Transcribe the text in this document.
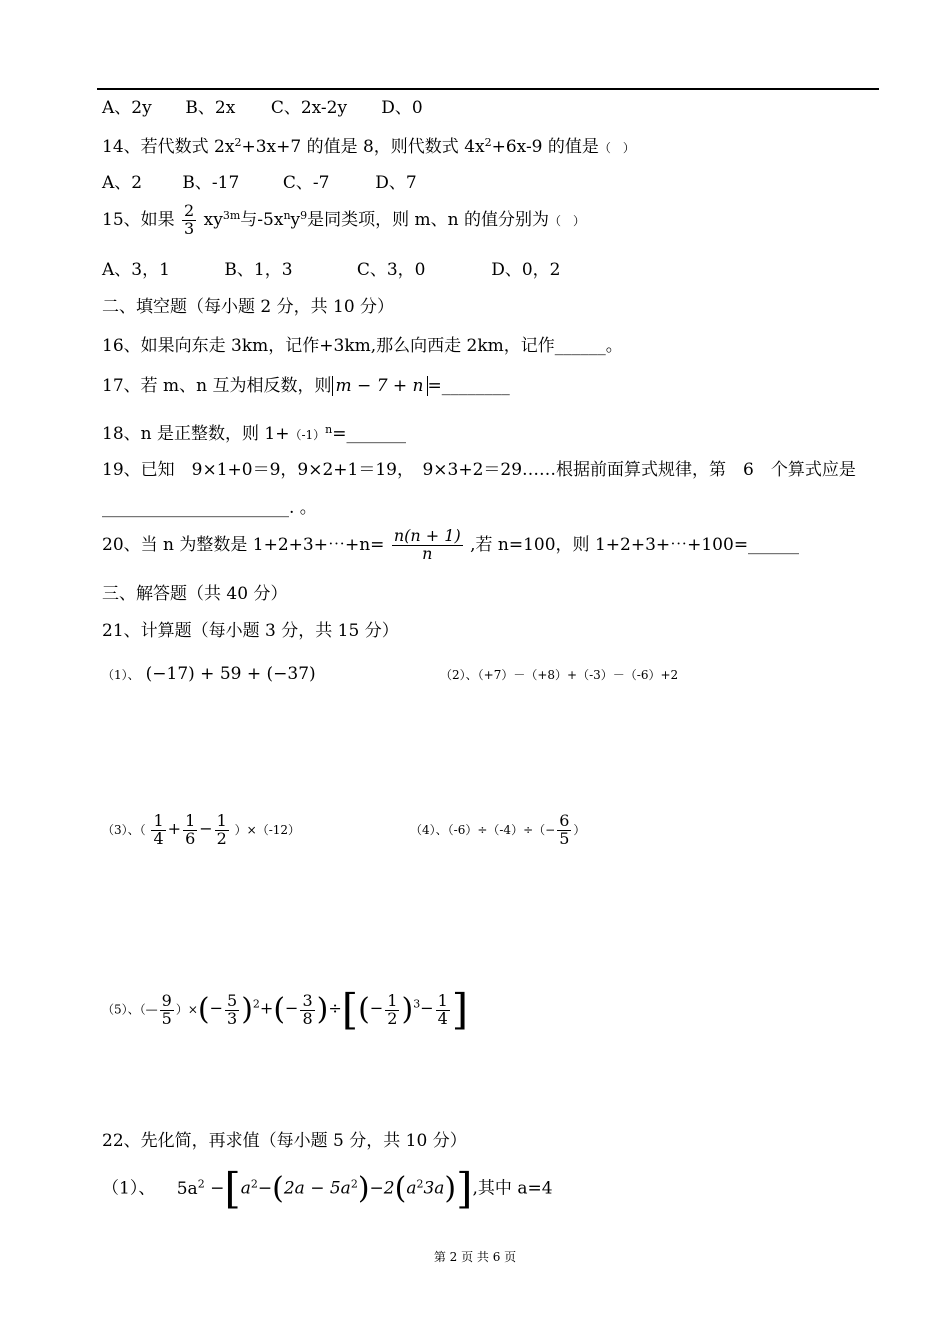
A、2y B、2x C、2x-2y D、0
14、若代数式 $2x^2+3x+7$ 的值是 8，则代数式 $4x^2+6x-9$ 的值是（　）
A、2 B、-17	C、-7	D、7
15、如果 $\frac{2}{3} xy^{3m}$与$-5x^ny^9$是同类项，则 m、n 的值分别为（　）
A、3，1	B、1，3	C、3，0	D、0，2
二、填空题（每小题 2 分，共 10 分）
16、如果向东走 3km，记作+3km,那么向西走 2km，记作______。
17、若 m、n 互为相反数，则 m − 7 + n =________
18、n 是正整数，则 $1+(-1)^n=\_\_\_\_\_\_\_$
19、已知　9×1+0＝9，9×2+1＝19，　9×3+2＝29……根据前面算式规律，第　6　个算式应是
______________________. 。
20、当 n 为整数是 1+2+3+⋯+n= $\frac{n(n + 1)}{n}$ ,若 n=100，则 1+2+3+⋯+100=______
三、解答题（共 40 分）
21、计算题（每小题 3 分，共 15 分）
（1）、 (−17) + 59 + (−37)	（2）、（+7）－（+8）+（-3）－（-6）+2
（3）、（ $\frac{1}{4} + \frac{1}{6} - \frac{1}{2} )\times(-12)$	（4）、$(-6)\div(-4)\div(- \frac{6}{5}$ ）
（5）、（— $\frac{9}{5}$ ）×(− $\frac{5}{3} )2+(- \frac{3}{8}$ )÷[(− $\frac{1}{2} )3- \frac{1}{4}$ ]
22、先化简，再求值（每小题 5 分，共 10 分）
（1）、 $5a^2 -[a^2-(2a - 5a^2)-2(a^23a)]$,其中 a=4
第 2 页 共 6 页
